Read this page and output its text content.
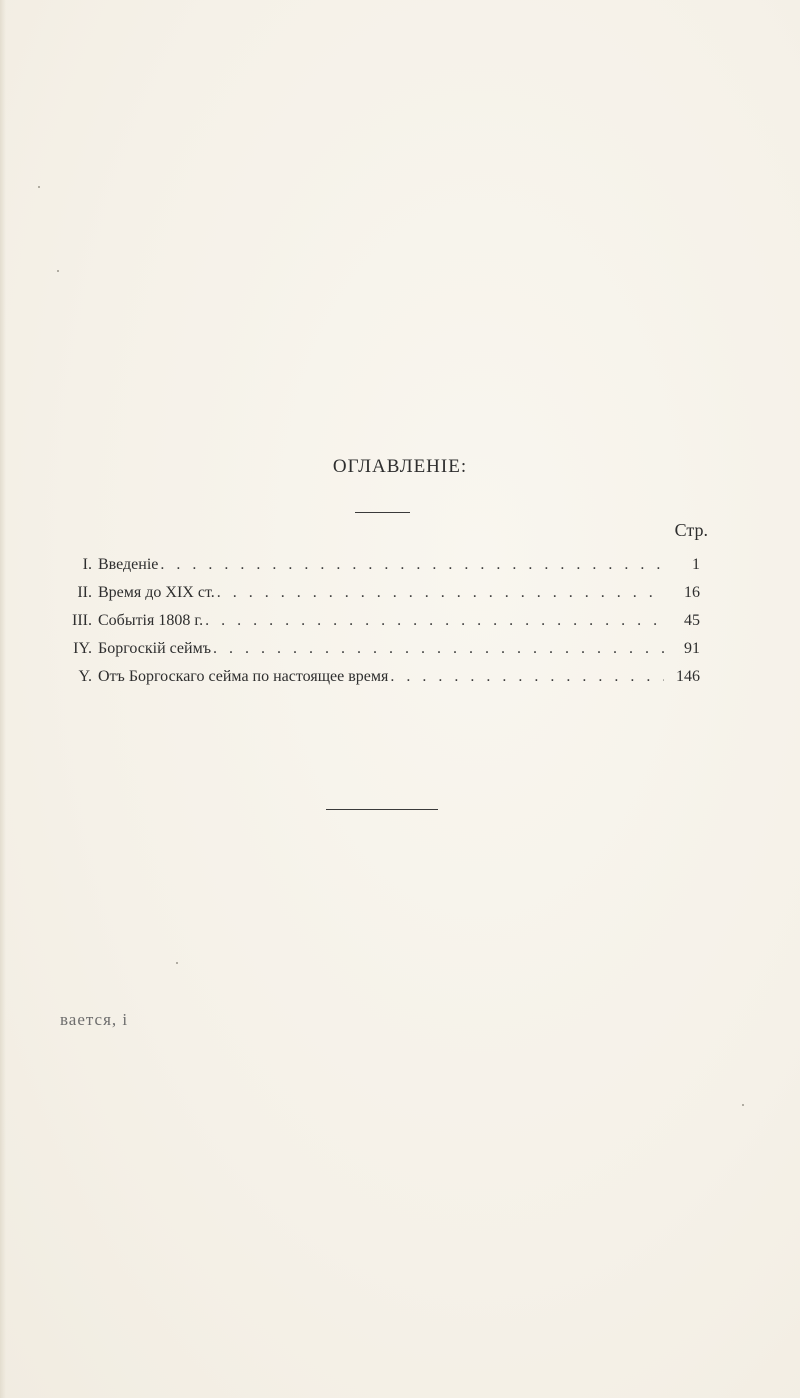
ОГЛАВЛЕНІЕ:
Стр.
I. Введеніе . . .	1
II. Время до XIX ст. . . .	16
III. Событія 1808 г. . . .	45
IY. Боргоскій сеймъ . . .	91
Y. Отъ Боргоскаго сейма по настоящее время . . .	146
вается, і
